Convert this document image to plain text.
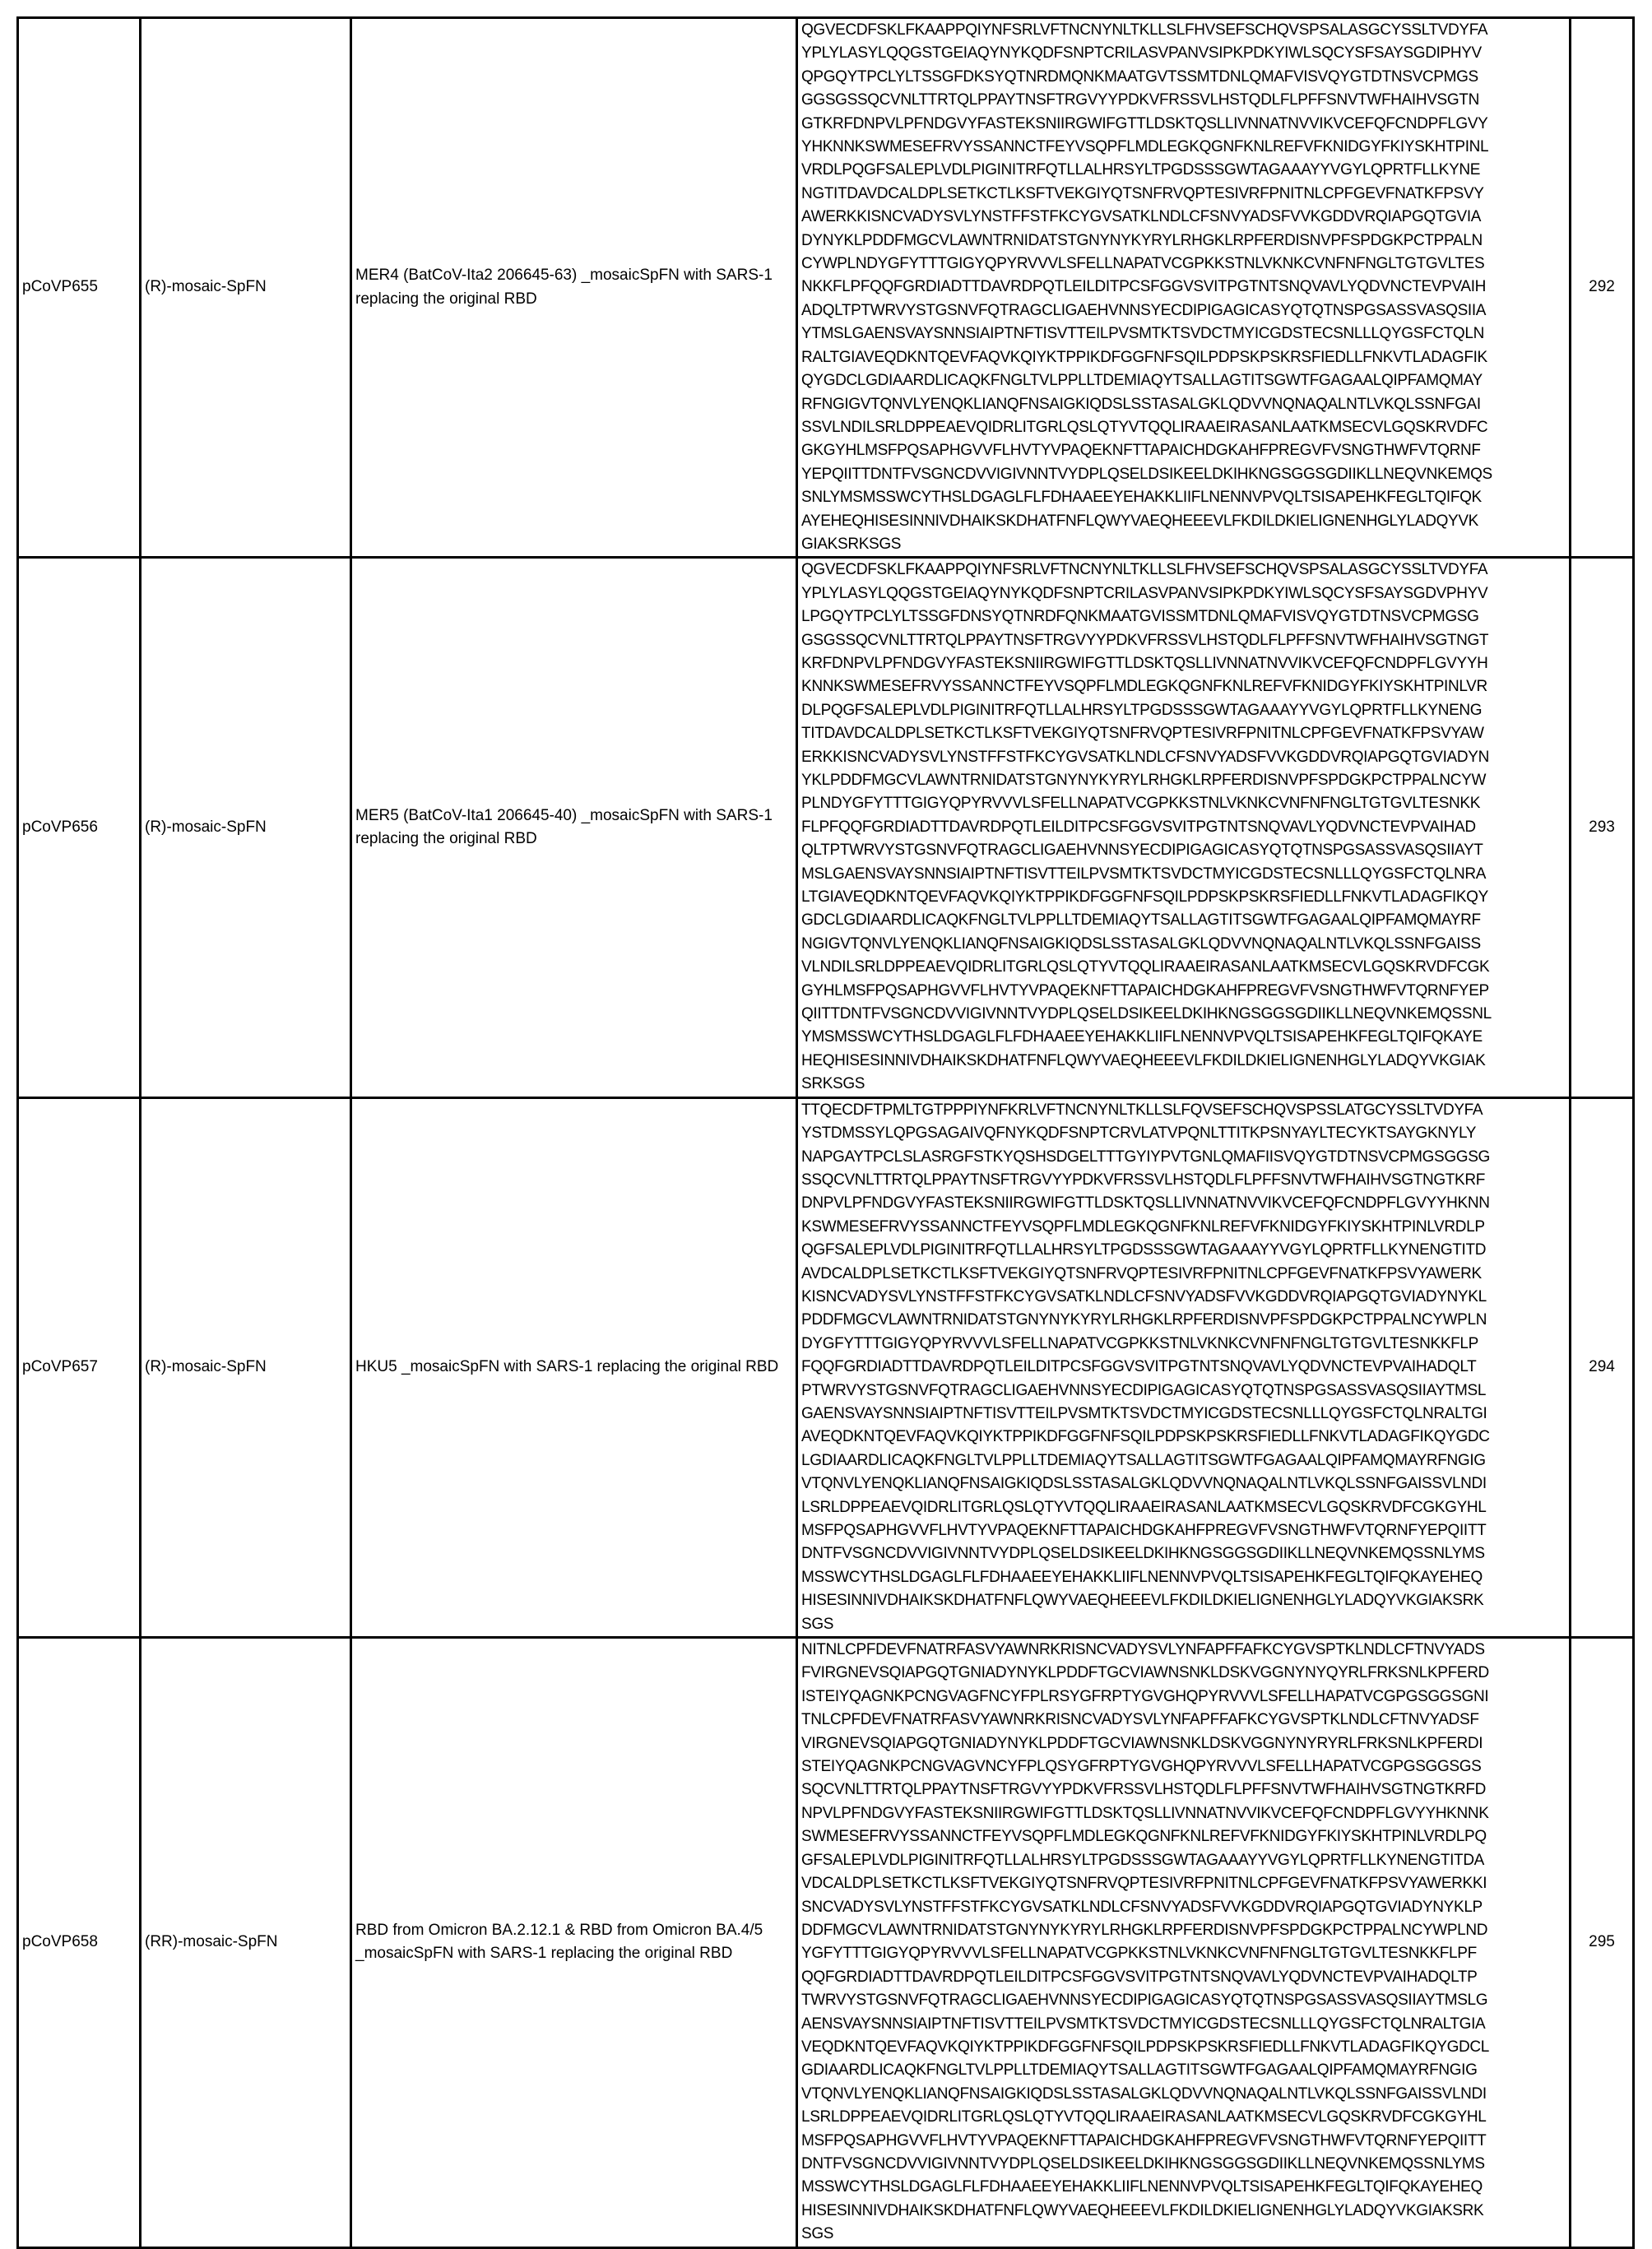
pCoVP655	(R)-mosaic-SpFN	MER4 (BatCoV-Ita2 206645-63) _mosaicSpFN with SARS-1 replacing the original RBD	
QGVECDFSKLFKAAPPQIYNFSRLVFTNCNYNLTKLLSLFHVSEFSCHQVSPSALASGCYSSLTVDYFA
YPLYLASYLQQGSTGEIAQYNYKQDFSNPTCRILASVPANVSIPKPDKYIWLSQCYSFSAYSGDIPHYV
QPGQYTPCLYLTSSGFDKSYQTNRDMQNKMAATGVTSSMTDNLQMAFVISVQYGTDTNSVCPMGS
GGSGSSQCVNLTTRTQLPPAYTNSFTRGVYYPDKVFRSSVLHSTQDLFLPFFSNVTWFHAIHVSGTN
GTKRFDNPVLPFNDGVYFASTEKSNIIRGWIFGTTLDSKTQSLLIVNNATNVVIKVCEFQFCNDPFLGVY
YHKNNKSWMESEFRVYSSANNCTFEYVSQPFLMDLEGKQGNFKNLREFVFKNIDGYFKIYSKHTPINL
VRDLPQGFSALEPLVDLPIGINITRFQTLLALHRSYLTPGDSSSGWTAGAAAYYVGYLQPRTFLLKYNE
NGTITDAVDCALDPLSETKCTLKSFTVEKGIYQTSNFRVQPTESIVRFPNITNLCPFGEVFNATKFPSVY
AWERKKISNCVADYSVLYNSTFFSTFKCYGVSATKLNDLCFSNVYADSFVVKGDDVRQIAPGQTGVIA
DYNYKLPDDFMGCVLAWNTRNIDATSTGNYNYKYRYLRHGKLRPFERDISNVPFSPDGKPCTPPALN
CYWPLNDYGFYTTTGIGYQPYRVVVLSFELLNAPATVCGPKKSTNLVKNKCVNFNFNGLTGTGVLTES
NKKFLPFQQFGRDIADTTDAVRDPQTLEILDITPCSFGGVSVITPGTNTSNQVAVLYQDVNCTEVPVAIH
ADQLTPTWRVYSTGSNVFQTRAGCLIGAEHVNNSYECDIPIGAGICASYQTQTNSPGSASSVASQSIIA
YTMSLGAENSVAYSNNSIAIPTNFTISVTTEILPVSMTKTSVDCTMYICGDSTECSNLLLQYGSFCTQLN
RALTGIAVEQDKNTQEVFAQVKQIYKTPPIKDFGGFNFSQILPDPSKPSKRSFIEDLLFNKVTLADAGFIK
QYGDCLGDIAARDLICAQKFNGLTVLPPLLTDEMIAQYTSALLAGTITSGWTFGAGAALQIPFAMQMAY
RFNGIGVTQNVLYENQKLIANQFNSAIGKIQDSLSSTASALGKLQDVVNQNAQALNTLVKQLSSNFGAI
SSVLNDILSRLDPPEAEVQIDRLITGRLQSLQTYVTQQLIRAAEIRASANLAATKMSECVLGQSKRVDFC
GKGYHLMSFPQSAPHGVVFLHVTYVPAQEKNFTTAPAICHDGKAHFPREGVFVSNGTHWFVTQRNF
YEPQIITTDNTFVSGNCDVVIGIVNNTVYDPLQSELDSIKEELDKIHKNGSGGSGDIIKLLNEQVNKEMQS
SNLYMSMSSWCYTHSLDGAGLFLFDHAAEEYEHAKKLIIFLNENNVPVQLTSISAPEHKFEGLTQIFQK
AYEHEQHISESINNIVDHAIKSKDHATFNFLQWYVAEQHEEEVLFKDILDKIELIGNENHGLYLADQYVK
GIAKSRKSGS
	292
pCoVP656	(R)-mosaic-SpFN	MER5 (BatCoV-Ita1 206645-40) _mosaicSpFN with SARS-1 replacing the original RBD	
QGVECDFSKLFKAAPPQIYNFSRLVFTNCNYNLTKLLSLFHVSEFSCHQVSPSALASGCYSSLTVDYFA
YPLYLASYLQQGSTGEIAQYNYKQDFSNPTCRILASVPANVSIPKPDKYIWLSQCYSFSAYSGDVPHYV
LPGQYTPCLYLTSSGFDNSYQTNRDFQNKMAATGVISSMTDNLQMAFVISVQYGTDTNSVCPMGSG
GSGSSQCVNLTTRTQLPPAYTNSFTRGVYYPDKVFRSSVLHSTQDLFLPFFSNVTWFHAIHVSGTNGT
KRFDNPVLPFNDGVYFASTEKSNIIRGWIFGTTLDSKTQSLLIVNNATNVVIKVCEFQFCNDPFLGVYYH
KNNKSWMESEFRVYSSANNCTFEYVSQPFLMDLEGKQGNFKNLREFVFKNIDGYFKIYSKHTPINLVR
DLPQGFSALEPLVDLPIGINITRFQTLLALHRSYLTPGDSSSGWTAGAAAYYVGYLQPRTFLLKYNENG
TITDAVDCALDPLSETKCTLKSFTVEKGIYQTSNFRVQPTESIVRFPNITNLCPFGEVFNATKFPSVYAW
ERKKISNCVADYSVLYNSTFFSTFKCYGVSATKLNDLCFSNVYADSFVVKGDDVRQIAPGQTGVIADYN
YKLPDDFMGCVLAWNTRNIDATSTGNYNYKYRYLRHGKLRPFERDISNVPFSPDGKPCTPPALNCYW
PLNDYGFYTTTGIGYQPYRVVVLSFELLNAPATVCGPKKSTNLVKNKCVNFNFNGLTGTGVLTESNKK
FLPFQQFGRDIADTTDAVRDPQTLEILDITPCSFGGVSVITPGTNTSNQVAVLYQDVNCTEVPVAIHAD
QLTPTWRVYSTGSNVFQTRAGCLIGAEHVNNSYECDIPIGAGICASYQTQTNSPGSASSVASQSIIAYT
MSLGAENSVAYSNNSIAIPTNFTISVTTEILPVSMTKTSVDCTMYICGDSTECSNLLLQYGSFCTQLNRA
LTGIAVEQDKNTQEVFAQVKQIYKTPPIKDFGGFNFSQILPDPSKPSKRSFIEDLLFNKVTLADAGFIKQY
GDCLGDIAARDLICAQKFNGLTVLPPLLTDEMIAQYTSALLAGTITSGWTFGAGAALQIPFAMQMAYRF
NGIGVTQNVLYENQKLIANQFNSAIGKIQDSLSSTASALGKLQDVVNQNAQALNTLVKQLSSNFGAISS
VLNDILSRLDPPEAEVQIDRLITGRLQSLQTYVTQQLIRAAEIRASANLAATKMSECVLGQSKRVDFCGK
GYHLMSFPQSAPHGVVFLHVTYVPAQEKNFTTAPAICHDGKAHFPREGVFVSNGTHWFVTQRNFYEP
QIITTDNTFVSGNCDVVIGIVNNTVYDPLQSELDSIKEELDKIHKNGSGGSGDIIKLLNEQVNKEMQSSNL
YMSMSSWCYTHSLDGAGLFLFDHAAEEYEHAKKLIIFLNENNVPVQLTSISAPEHKFEGLTQIFQKAYE
HEQHISESINNIVDHAIKSKDHATFNFLQWYVAEQHEEEVLFKDILDKIELIGNENHGLYLADQYVKGIAK
SRKSGS
	293
pCoVP657	(R)-mosaic-SpFN	HKU5 _mosaicSpFN with SARS-1 replacing the original RBD	
TTQECDFTPMLTGTPPPIYNFKRLVFTNCNYNLTKLLSLFQVSEFSCHQVSPSSLATGCYSSLTVDYFA
YSTDMSSYLQPGSAGAIVQFNYKQDFSNPTCRVLATVPQNLTTITKPSNYAYLTECYKTSAYGKNYLY
NAPGAYTPCLSLASRGFSTKYQSHSDGELTTTGYIYPVTGNLQMAFIISVQYGTDTNSVCPMGSGGSG
SSQCVNLTTRTQLPPAYTNSFTRGVYYPDKVFRSSVLHSTQDLFLPFFSNVTWFHAIHVSGTNGTKRF
DNPVLPFNDGVYFASTEKSNIIRGWIFGTTLDSKTQSLLIVNNATNVVIKVCEFQFCNDPFLGVYYHKNN
KSWMESEFRVYSSANNCTFEYVSQPFLMDLEGKQGNFKNLREFVFKNIDGYFKIYSKHTPINLVRDLP
QGFSALEPLVDLPIGINITRFQTLLALHRSYLTPGDSSSGWTAGAAAYYVGYLQPRTFLLKYNENGTITD
AVDCALDPLSETKCTLKSFTVEKGIYQTSNFRVQPTESIVRFPNITNLCPFGEVFNATKFPSVYAWERK
KISNCVADYSVLYNSTFFSTFKCYGVSATKLNDLCFSNVYADSFVVKGDDVRQIAPGQTGVIADYNYKL
PDDFMGCVLAWNTRNIDATSTGNYNYKYRYLRHGKLRPFERDISNVPFSPDGKPCTPPALNCYWPLN
DYGFYTTTGIGYQPYRVVVLSFELLNAPATVCGPKKSTNLVKNKCVNFNFNGLTGTGVLTESNKKFLP
FQQFGRDIADTTDAVRDPQTLEILDITPCSFGGVSVITPGTNTSNQVAVLYQDVNCTEVPVAIHADQLT
PTWRVYSTGSNVFQTRAGCLIGAEHVNNSYECDIPIGAGICASYQTQTNSPGSASSVASQSIIAYTMSL
GAENSVAYSNNSIAIPTNFTISVTTEILPVSMTKTSVDCTMYICGDSTECSNLLLQYGSFCTQLNRALTGI
AVEQDKNTQEVFAQVKQIYKTPPIKDFGGFNFSQILPDPSKPSKRSFIEDLLFNKVTLADAGFIKQYGDC
LGDIAARDLICAQKFNGLTVLPPLLTDEMIAQYTSALLAGTITSGWTFGAGAALQIPFAMQMAYRFNGIG
VTQNVLYENQKLIANQFNSAIGKIQDSLSSTASALGKLQDVVNQNAQALNTLVKQLSSNFGAISSVLNDI
LSRLDPPEAEVQIDRLITGRLQSLQTYVTQQLIRAAEIRASANLAATKMSECVLGQSKRVDFCGKGYHL
MSFPQSAPHGVVFLHVTYVPAQEKNFTTAPAICHDGKAHFPREGVFVSNGTHWFVTQRNFYEPQIITT
DNTFVSGNCDVVIGIVNNTVYDPLQSELDSIKEELDKIHKNGSGGSGDIIKLLNEQVNKEMQSSNLYMS
MSSWCYTHSLDGAGLFLFDHAAEEYEHAKKLIIFLNENNVPVQLTSISAPEHKFEGLTQIFQKAYEHEQ
HISESINNIVDHAIKSKDHATFNFLQWYVAEQHEEEVLFKDILDKIELIGNENHGLYLADQYVKGIAKSRK
SGS
	294
pCoVP658	(RR)-mosaic-SpFN	RBD from Omicron BA.2.12.1 & RBD from Omicron BA.4/5 _mosaicSpFN with SARS-1 replacing the original RBD	
NITNLCPFDEVFNATRFASVYAWNRKRISNCVADYSVLYNFAPFFAFKCYGVSPTKLNDLCFTNVYADS
FVIRGNEVSQIAPGQTGNIADYNYKLPDDFTGCVIAWNSNKLDSKVGGNYNYQYRLFRKSNLKPFERD
ISTEIYQAGNKPCNGVAGFNCYFPLRSYGFRPTYGVGHQPYRVVVLSFELLHAPATVCGPGSGGSGNI
TNLCPFDEVFNATRFASVYAWNRKRISNCVADYSVLYNFAPFFAFKCYGVSPTKLNDLCFTNVYADSF
VIRGNEVSQIAPGQTGNIADYNYKLPDDFTGCVIAWNSNKLDSKVGGNYNYRYRLFRKSNLKPFERDI
STEIYQAGNKPCNGVAGVNCYFPLQSYGFRPTYGVGHQPYRVVVLSFELLHAPATVCGPGSGGSGS
SQCVNLTTRTQLPPAYTNSFTRGVYYPDKVFRSSVLHSTQDLFLPFFSNVTWFHAIHVSGTNGTKRFD
NPVLPFNDGVYFASTEKSNIIRGWIFGTTLDSKTQSLLIVNNATNVVIKVCEFQFCNDPFLGVYYHKNNK
SWMESEFRVYSSANNCTFEYVSQPFLMDLEGKQGNFKNLREFVFKNIDGYFKIYSKHTPINLVRDLPQ
GFSALEPLVDLPIGINITRFQTLLALHRSYLTPGDSSSGWTAGAAAYYVGYLQPRTFLLKYNENGTITDA
VDCALDPLSETKCTLKSFTVEKGIYQTSNFRVQPTESIVRFPNITNLCPFGEVFNATKFPSVYAWERKKI
SNCVADYSVLYNSTFFSTFKCYGVSATKLNDLCFSNVYADSFVVKGDDVRQIAPGQTGVIADYNYKLP
DDFMGCVLAWNTRNIDATSTGNYNYKYRYLRHGKLRPFERDISNVPFSPDGKPCTPPALNCYWPLND
YGFYTTTGIGYQPYRVVVLSFELLNAPATVCGPKKSTNLVKNKCVNFNFNGLTGTGVLTESNKKFLPF
QQFGRDIADTTDAVRDPQTLEILDITPCSFGGVSVITPGTNTSNQVAVLYQDVNCTEVPVAIHADQLTP
TWRVYSTGSNVFQTRAGCLIGAEHVNNSYECDIPIGAGICASYQTQTNSPGSASSVASQSIIAYTMSLG
AENSVAYSNNSIAIPTNFTISVTTEILPVSMTKTSVDCTMYICGDSTECSNLLLQYGSFCTQLNRALTGIA
VEQDKNTQEVFAQVKQIYKTPPIKDFGGFNFSQILPDPSKPSKRSFIEDLLFNKVTLADAGFIKQYGDCL
GDIAARDLICAQKFNGLTVLPPLLTDEMIAQYTSALLAGTITSGWTFGAGAALQIPFAMQMAYRFNGIG
VTQNVLYENQKLIANQFNSAIGKIQDSLSSTASALGKLQDVVNQNAQALNTLVKQLSSNFGAISSVLNDI
LSRLDPPEAEVQIDRLITGRLQSLQTYVTQQLIRAAEIRASANLAATKMSECVLGQSKRVDFCGKGYHL
MSFPQSAPHGVVFLHVTYVPAQEKNFTTAPAICHDGKAHFPREGVFVSNGTHWFVTQRNFYEPQIITT
DNTFVSGNCDVVIGIVNNTVYDPLQSELDSIKEELDKIHKNGSGGSGDIIKLLNEQVNKEMQSSNLYMS
MSSWCYTHSLDGAGLFLFDHAAEEYEHAKKLIIFLNENNVPVQLTSISAPEHKFEGLTQIFQKAYEHEQ
HISESINNIVDHAIKSKDHATFNFLQWYVAEQHEEEVLFKDILDKIELIGNENHGLYLADQYVKGIAKSRK
SGS
	295
